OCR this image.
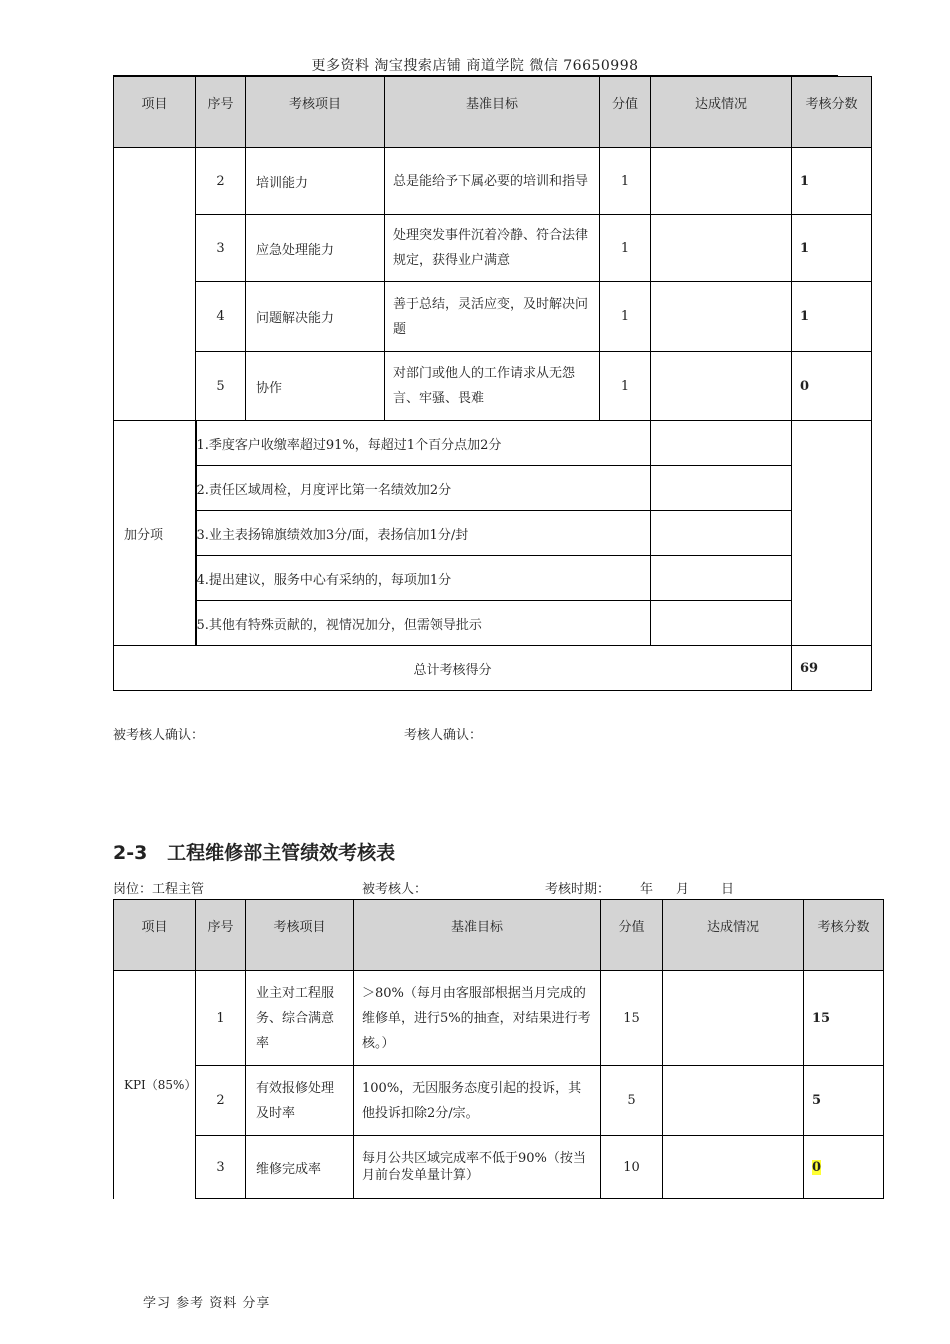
更多资料 淘宝搜索店铺 商道学院 微信 76650998
项目	序号	考核项目	基准目标	分值	达成情况	考核分数
	2	培训能力	总是能给予下属必要的培训和指导	1		1
	3	应急处理能力	处理突发事件沉着冷静、符合法律规定，获得业户满意	1		1
	4	问题解决能力	善于总结，灵活应变，及时解决问题	1		1
	5	协作	对部门或他人的工作请求从无怨言、牢骚、畏难	1		0
加分项	1.季度客户收缴率超过91%，每超过1个百分点加2分					
	2.责任区域周检，月度评比第一名绩效加2分					
	3.业主表扬锦旗绩效加3分/面，表扬信加1分/封					
	4.提出建议，服务中心有采纳的，每项加1分					
	5.其他有特殊贡献的，视情况加分，但需领导批示					
总计考核得分						69
被考核人确认：	考核人确认：
2-3   工程维修部主管绩效考核表
岗位：工程主管	被考核人：	考核时期： 年 月 日
项目	序号	考核项目	基准目标	分值	达成情况	考核分数
KPI（85%）	1	业主对工程服务、综合满意率	＞80%（每月由客服部根据当月完成的维修单，进行5%的抽查，对结果进行考核。）	15		15
	2	有效报修处理及时率	100%，无因服务态度引起的投诉，其他投诉扣除2分/宗。	5		5
	3	维修完成率	每月公共区域完成率不低于90%（按当月前台发单量计算）	10		0
学习 参考 资料 分享
